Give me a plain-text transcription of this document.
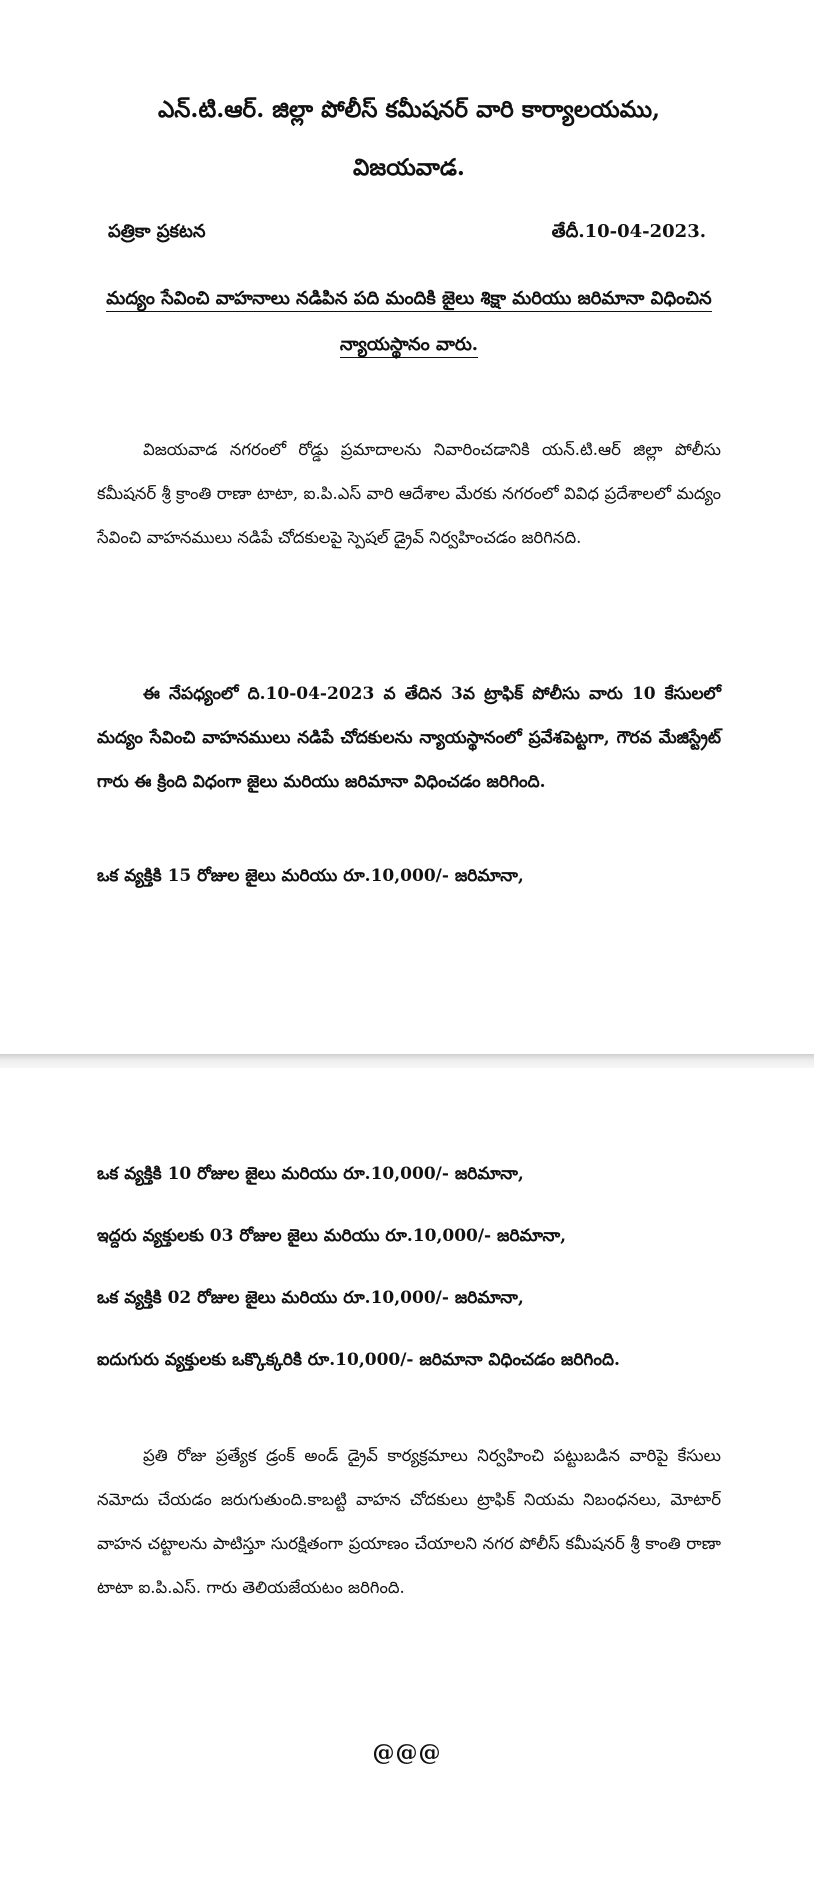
ఎన్.టి.ఆర్. జిల్లా పోలీస్ కమీషనర్ వారి కార్యాలయము,
విజయవాడ.
పత్రికా ప్రకటన	తేదీ.10-04-2023.
మద్యం సేవించి వాహనాలు నడిపిన పది మందికి జైలు శిక్షా మరియు జరిమానా విధించిన
న్యాయస్థానం వారు.
విజయవాడ నగరంలో రోడ్డు ప్రమాదాలను నివారించడానికి యన్.టి.ఆర్ జిల్లా పోలీసు కమీషనర్ శ్రీ క్రాంతి రాణా టాటా, ఐ.పి.ఎస్ వారి ఆదేశాల మేరకు నగరంలో వివిధ ప్రదేశాలలో మద్యం సేవించి వాహనములు నడిపే చోదకులపై స్పెషల్ డ్రైవ్ నిర్వహించడం జరిగినది.
ఈ నేపధ్యంలో ది.10-04-2023 వ తేదిన 3వ ట్రాఫిక్ పోలీసు వారు 10 కేసులలో మద్యం సేవించి వాహనములు నడిపే చోదకులను న్యాయస్థానంలో ప్రవేశపెట్టగా, గౌరవ మేజిస్ట్రేట్ గారు ఈ క్రింది విధంగా జైలు మరియు జరిమానా విధించడం జరిగింది.
ఒక వ్యక్తికి 15 రోజుల జైలు మరియు రూ.10,000/- జరిమానా,
ఒక వ్యక్తికి 10 రోజుల జైలు మరియు రూ.10,000/- జరిమానా,
ఇద్దరు వ్యక్తులకు 03 రోజుల జైలు మరియు రూ.10,000/- జరిమానా,
ఒక వ్యక్తికి 02 రోజుల జైలు మరియు రూ.10,000/- జరిమానా,
ఐదుగురు వ్యక్తులకు ఒక్కొక్కరికి రూ.10,000/- జరిమానా విధించడం జరిగింది.
ప్రతి రోజు ప్రత్యేక డ్రంక్ అండ్ డ్రైవ్ కార్యక్రమాలు నిర్వహించి పట్టుబడిన వారిపై కేసులు నమోదు చేయడం జరుగుతుంది.కాబట్టి వాహన చోదకులు ట్రాఫిక్ నియమ నిబంధనలు, మోటార్ వాహన చట్టాలను పాటిస్తూ సురక్షితంగా ప్రయాణం చేయాలని నగర పోలీస్ కమీషనర్ శ్రీ కాంతి రాణా టాటా ఐ.పి.ఎస్. గారు తెలియజేయటం జరిగింది.
@@@
